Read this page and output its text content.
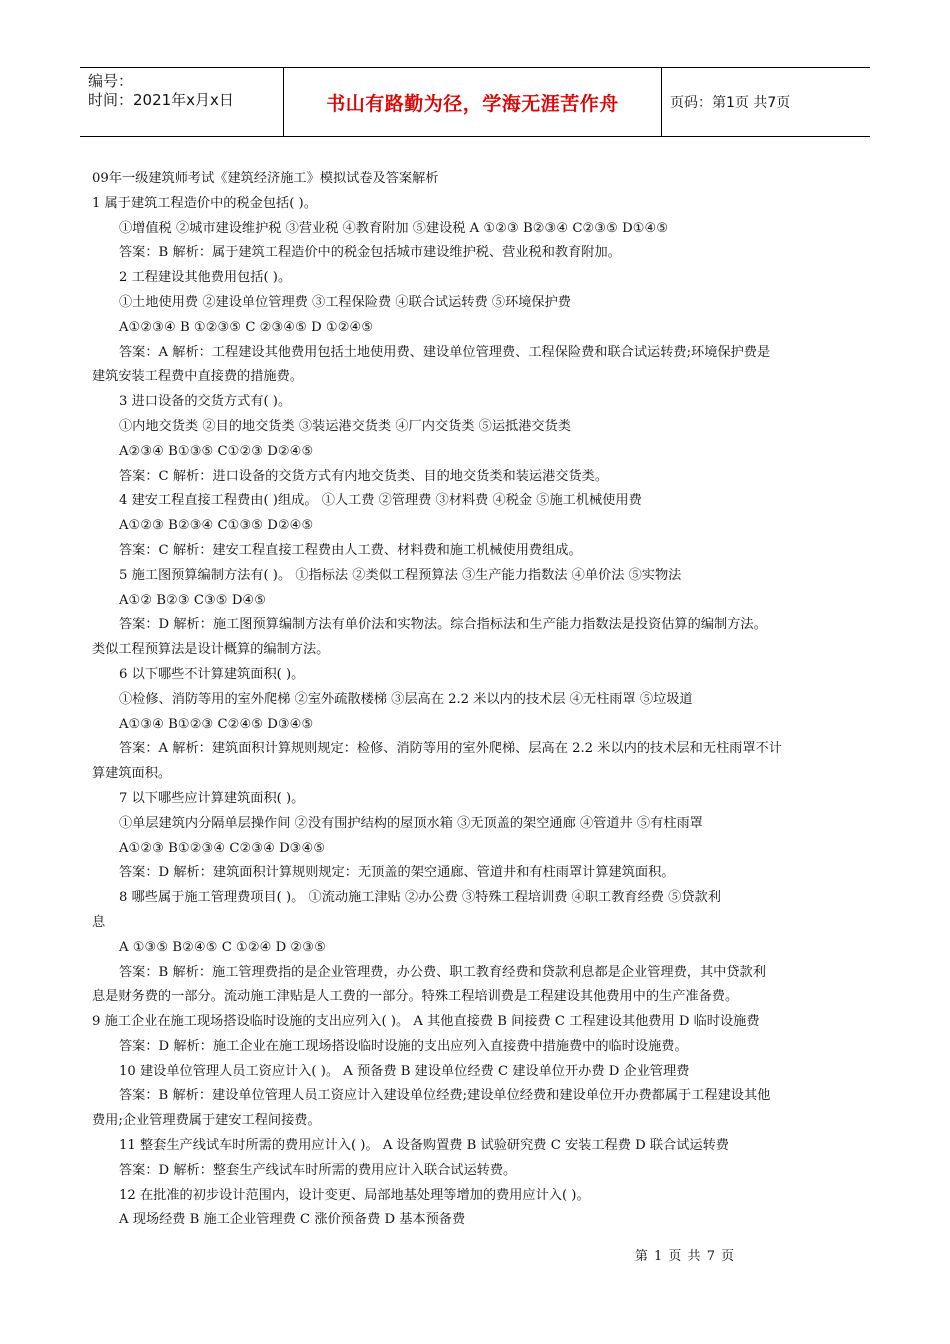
编号：
时间：2021年x月x日	书山有路勤为径，学海无涯苦作舟	页码：第1页 共7页
09年一级建筑师考试《建筑经济施工》模拟试卷及答案解析
1 属于建筑工程造价中的税金包括( )。
①增值税 ②城市建设维护税 ③营业税 ④教育附加 ⑤建设税 A ①②③ B②③④ C②③⑤ D①④⑤
答案：B 解析：属于建筑工程造价中的税金包括城市建设维护税、营业税和教育附加。
2 工程建设其他费用包括( )。
①土地使用费 ②建设单位管理费 ③工程保险费 ④联合试运转费 ⑤环境保护费
A①②③④ B ①②③⑤ C ②③④⑤ D ①②④⑤
答案：A 解析：工程建设其他费用包括土地使用费、建设单位管理费、工程保险费和联合试运转费;环境保护费是
建筑安装工程费中直接费的措施费。
3 进口设备的交货方式有( )。
①内地交货类 ②目的地交货类 ③装运港交货类 ④厂内交货类 ⑤运抵港交货类
A②③④ B①③⑤ C①②③ D②④⑤
答案：C 解析：进口设备的交货方式有内地交货类、目的地交货类和装运港交货类。
4 建安工程直接工程费由( )组成。 ①人工费 ②管理费 ③材料费 ④税金 ⑤施工机械使用费
A①②③ B②③④ C①③⑤ D②④⑤
答案：C 解析：建安工程直接工程费由人工费、材料费和施工机械使用费组成。
5 施工图预算编制方法有( )。 ①指标法 ②类似工程预算法 ③生产能力指数法 ④单价法 ⑤实物法
A①② B②③ C③⑤ D④⑤
答案：D 解析：施工图预算编制方法有单价法和实物法。综合指标法和生产能力指数法是投资估算的编制方法。
类似工程预算法是设计概算的编制方法。
6 以下哪些不计算建筑面积( )。
①检修、消防等用的室外爬梯 ②室外疏散楼梯 ③层高在 2.2 米以内的技术层 ④无柱雨罩 ⑤垃圾道
A①③④ B①②③ C②④⑤ D③④⑤
答案：A 解析：建筑面积计算规则规定：检修、消防等用的室外爬梯、层高在 2.2 米以内的技术层和无柱雨罩不计
算建筑面积。
7 以下哪些应计算建筑面积( )。
①单层建筑内分隔单层操作间 ②没有围护结构的屋顶水箱 ③无顶盖的架空通廊 ④管道井 ⑤有柱雨罩
A①②③ B①②③④ C②③④ D③④⑤
答案：D 解析：建筑面积计算规则规定：无顶盖的架空通廊、管道井和有柱雨罩计算建筑面积。
8 哪些属于施工管理费项目( )。 ①流动施工津贴 ②办公费 ③特殊工程培训费 ④职工教育经费 ⑤贷款利
息
A ①③⑤ B②④⑤ C ①②④ D ②③⑤
答案：B 解析：施工管理费指的是企业管理费，办公费、职工教育经费和贷款利息都是企业管理费，其中贷款利
息是财务费的一部分。流动施工津贴是人工费的一部分。特殊工程培训费是工程建设其他费用中的生产准备费。
9 施工企业在施工现场搭设临时设施的支出应列入( )。 A 其他直接费 B 间接费 C 工程建设其他费用 D 临时设施费
答案：D 解析：施工企业在施工现场搭设临时设施的支出应列入直接费中措施费中的临时设施费。
10 建设单位管理人员工资应计入( )。 A 预备费 B 建设单位经费 C 建设单位开办费 D 企业管理费
答案：B 解析：建设单位管理人员工资应计入建设单位经费;建设单位经费和建设单位开办费都属于工程建设其他
费用;企业管理费属于建安工程间接费。
11 整套生产线试车时所需的费用应计入( )。 A 设备购置费 B 试验研究费 C 安装工程费 D 联合试运转费
答案：D 解析：整套生产线试车时所需的费用应计入联合试运转费。
12 在批准的初步设计范围内，设计变更、局部地基处理等增加的费用应计入( )。
A 现场经费 B 施工企业管理费 C 涨价预备费 D 基本预备费
第 1 页 共 7 页
